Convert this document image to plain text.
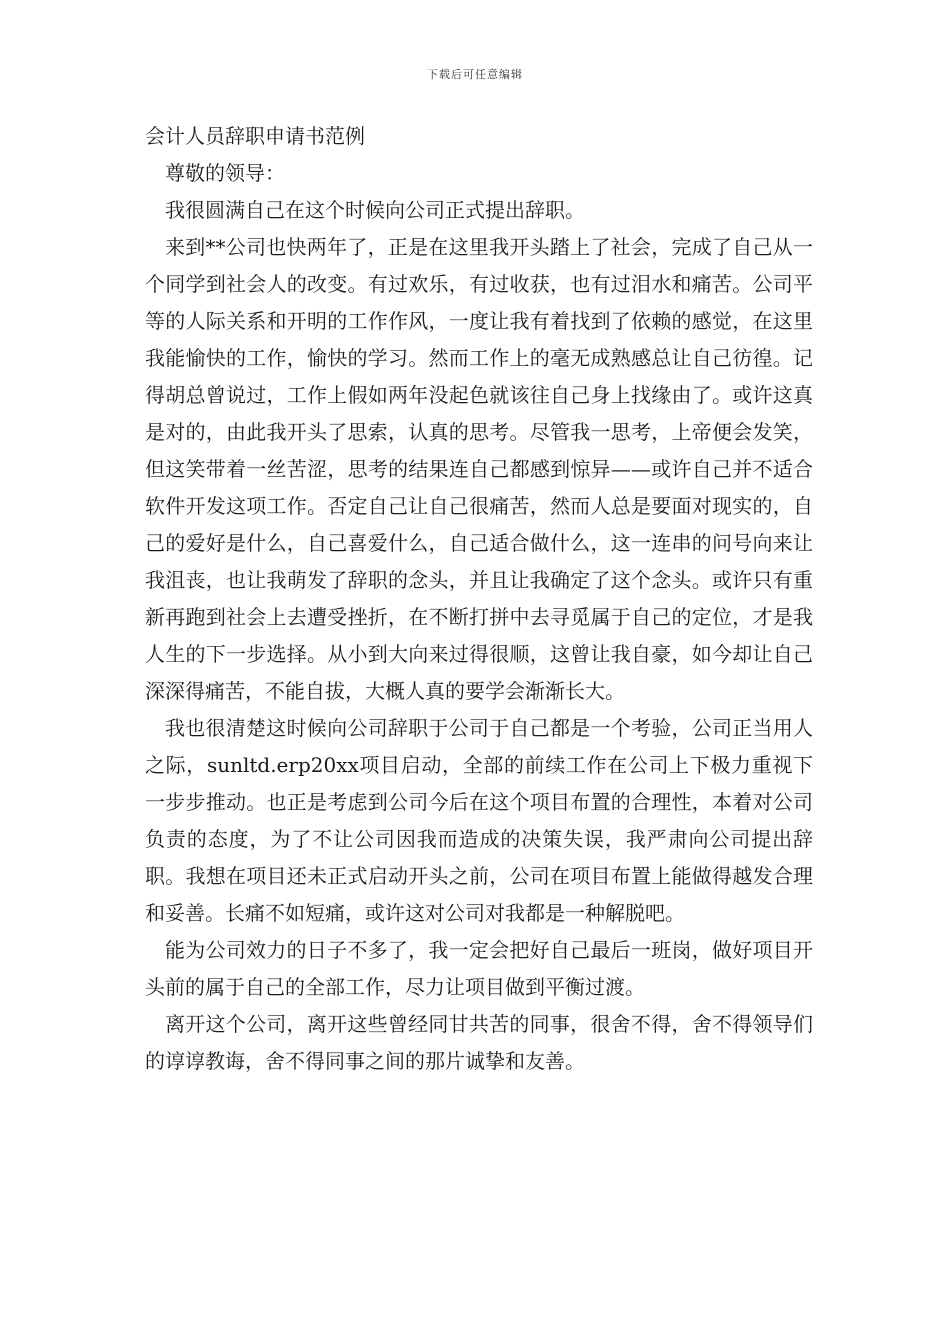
下载后可任意编辑
会计人员辞职申请书范例

尊敬的领导：

我很圆满自己在这个时候向公司正式提出辞职。

来到**公司也快两年了，正是在这里我开头踏上了社会，完成了自己从一个同学到社会人的改变。有过欢乐，有过收获，也有过泪水和痛苦。公司平等的人际关系和开明的工作作风，一度让我有着找到了依赖的感觉，在这里我能愉快的工作，愉快的学习。然而工作上的毫无成熟感总让自己彷徨。记得胡总曾说过，工作上假如两年没起色就该往自己身上找缘由了。或许这真是对的，由此我开头了思索，认真的思考。尽管我一思考，上帝便会发笑，但这笑带着一丝苦涩，思考的结果连自己都感到惊异——或许自己并不适合软件开发这项工作。否定自己让自己很痛苦，然而人总是要面对现实的，自己的爱好是什么，自己喜爱什么，自己适合做什么，这一连串的问号向来让我沮丧，也让我萌发了辞职的念头，并且让我确定了这个念头。或许只有重新再跑到社会上去遭受挫折，在不断打拼中去寻觅属于自己的定位，才是我人生的下一步选择。从小到大向来过得很顺，这曾让我自豪，如今却让自己深深得痛苦，不能自拔，大概人真的要学会渐渐长大。

我也很清楚这时候向公司辞职于公司于自己都是一个考验，公司正当用人之际，sunltd.erp20xx项目启动，全部的前续工作在公司上下极力重视下一步步推动。也正是考虑到公司今后在这个项目布置的合理性，本着对公司负责的态度，为了不让公司因我而造成的决策失误，我严肃向公司提出辞职。我想在项目还未正式启动开头之前，公司在项目布置上能做得越发合理和妥善。长痛不如短痛，或许这对公司对我都是一种解脱吧。

能为公司效力的日子不多了，我一定会把好自己最后一班岗，做好项目开头前的属于自己的全部工作，尽力让项目做到平衡过渡。

离开这个公司，离开这些曾经同甘共苦的同事，很舍不得，舍不得领导们的谆谆教诲，舍不得同事之间的那片诚挚和友善。
